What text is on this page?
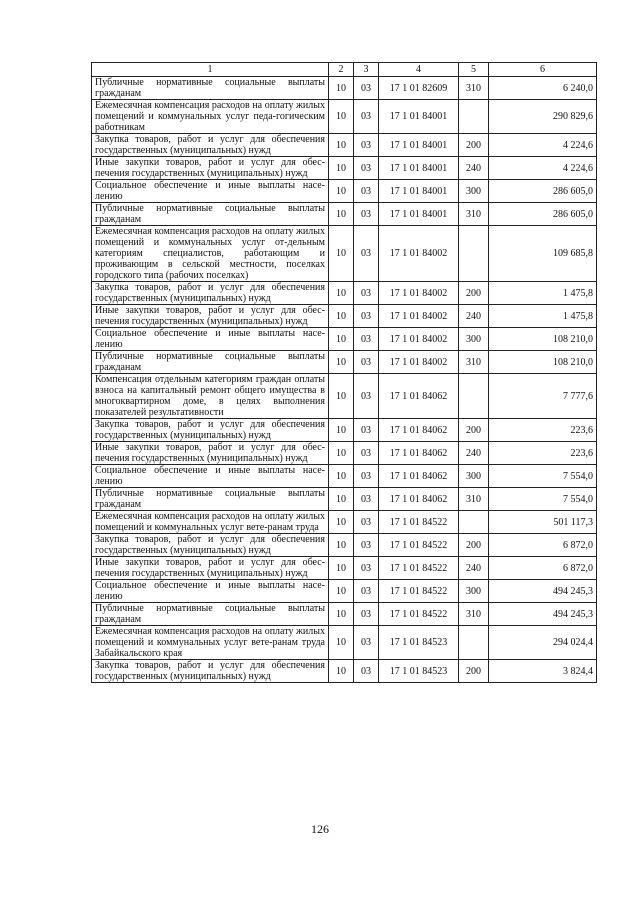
1	2	3	4	5	6
Публичные нормативные социальные выплаты гражданам	10	03	17 1 01 82609	310	6 240,0
Ежемесячная компенсация расходов на оплату жилых помещений и коммунальных услуг педа-гогическим работникам	10	03	17 1 01 84001		290 829,6
Закупка товаров, работ и услуг для обеспечения государственных (муниципальных) нужд	10	03	17 1 01 84001	200	4 224,6
Иные закупки товаров, работ и услуг для обес-печения государственных (муниципальных) нужд	10	03	17 1 01 84001	240	4 224,6
Социальное обеспечение и иные выплаты насе-лению	10	03	17 1 01 84001	300	286 605,0
Публичные нормативные социальные выплаты гражданам	10	03	17 1 01 84001	310	286 605,0
Ежемесячная компенсация расходов на оплату жилых помещений и коммунальных услуг от-дельным категориям специалистов, работающим и проживающим в сельской местности, поселках городского типа (рабочих поселках)	10	03	17 1 01 84002		109 685,8
Закупка товаров, работ и услуг для обеспечения государственных (муниципальных) нужд	10	03	17 1 01 84002	200	1 475,8
Иные закупки товаров, работ и услуг для обес-печения государственных (муниципальных) нужд	10	03	17 1 01 84002	240	1 475,8
Социальное обеспечение и иные выплаты насе-лению	10	03	17 1 01 84002	300	108 210,0
Публичные нормативные социальные выплаты гражданам	10	03	17 1 01 84002	310	108 210,0
Компенсация отдельным категориям граждан оплаты взноса на капитальный ремонт общего имущества в многоквартирном доме, в целях выполнения показателей результативности	10	03	17 1 01 84062		7 777,6
Закупка товаров, работ и услуг для обеспечения государственных (муниципальных) нужд	10	03	17 1 01 84062	200	223,6
Иные закупки товаров, работ и услуг для обес-печения государственных (муниципальных) нужд	10	03	17 1 01 84062	240	223,6
Социальное обеспечение и иные выплаты насе-лению	10	03	17 1 01 84062	300	7 554,0
Публичные нормативные социальные выплаты гражданам	10	03	17 1 01 84062	310	7 554,0
Ежемесячная компенсация расходов на оплату жилых помещений и коммунальных услуг вете-ранам труда	10	03	17 1 01 84522		501 117,3
Закупка товаров, работ и услуг для обеспечения государственных (муниципальных) нужд	10	03	17 1 01 84522	200	6 872,0
Иные закупки товаров, работ и услуг для обес-печения государственных (муниципальных) нужд	10	03	17 1 01 84522	240	6 872,0
Социальное обеспечение и иные выплаты насе-лению	10	03	17 1 01 84522	300	494 245,3
Публичные нормативные социальные выплаты гражданам	10	03	17 1 01 84522	310	494 245,3
Ежемесячная компенсация расходов на оплату жилых помещений и коммунальных услуг вете-ранам труда Забайкальского края	10	03	17 1 01 84523		294 024,4
Закупка товаров, работ и услуг для обеспечения государственных (муниципальных) нужд	10	03	17 1 01 84523	200	3 824,4
126
